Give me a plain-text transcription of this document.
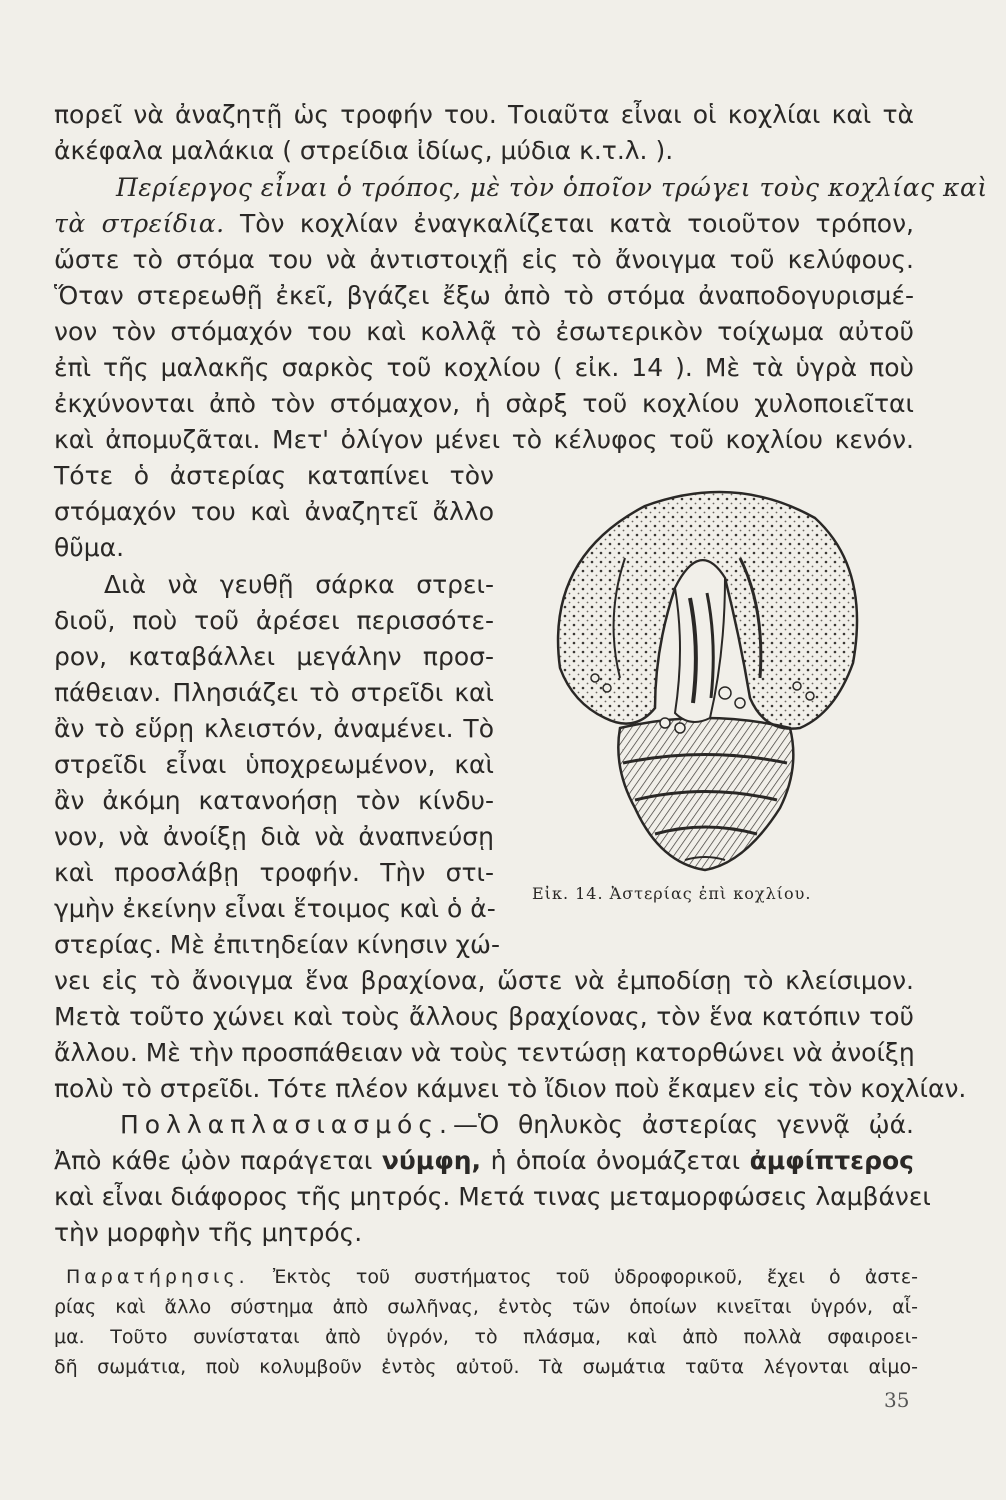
πορεῖ νὰ ἀναζητῇ ὡς τροφήν του. Τοιαῦτα εἶναι οἱ κοχλίαι καὶ τὰ
ἀκέφαλα μαλάκια ( στρείδια ἰδίως, μύδια κ.τ.λ. ).
Περίεργος εἶναι ὁ τρόπος, μὲ τὸν ὁποῖον τρώγει τοὺς κοχλίας καὶ
τὰ στρείδια. Τὸν κοχλίαν ἐναγκαλίζεται κατὰ τοιοῦτον τρόπον,
ὥστε τὸ στόμα του νὰ ἀντιστοιχῇ εἰς τὸ ἄνοιγμα τοῦ κελύφους.
Ὅταν στερεωθῇ ἐκεῖ, βγάζει ἔξω ἀπὸ τὸ στόμα ἀναποδογυρισμέ-
νον τὸν στόμαχόν του καὶ κολλᾷ τὸ ἐσωτερικὸν τοίχωμα αὐτοῦ
ἐπὶ τῆς μαλακῆς σαρκὸς τοῦ κοχλίου ( εἰκ. 14 ). Μὲ τὰ ὑγρὰ ποὺ
ἐκχύνονται ἀπὸ τὸν στόμαχον, ἡ σὰρξ τοῦ κοχλίου χυλοποιεῖται
καὶ ἀπομυζᾶται. Μετ' ὀλίγον μένει τὸ κέλυφος τοῦ κοχλίου κενόν.
Τότε ὁ ἀστερίας καταπίνει τὸν
στόμαχόν του καὶ ἀναζητεῖ ἄλλο
θῦμα.
Διὰ νὰ γευθῇ σάρκα στρει-
διοῦ, ποὺ τοῦ ἀρέσει περισσότε-
ρον, καταβάλλει μεγάλην προσ-
πάθειαν. Πλησιάζει τὸ στρεῖδι καὶ
ἂν τὸ εὕρῃ κλειστόν, ἀναμένει. Τὸ
στρεῖδι εἶναι ὑποχρεωμένον, καὶ
ἂν ἀκόμη κατανοήσῃ τὸν κίνδυ-
νον, νὰ ἀνοίξῃ διὰ νὰ ἀναπνεύσῃ
καὶ προσλάβῃ τροφήν. Τὴν στι-
γμὴν ἐκείνην εἶναι ἕτοιμος καὶ ὁ ἀ-
στερίας. Μὲ ἐπιτηδείαν κίνησιν χώ-
νει εἰς τὸ ἄνοιγμα ἕνα βραχίονα, ὥστε νὰ ἐμποδίσῃ τὸ κλείσιμον.
Μετὰ τοῦτο χώνει καὶ τοὺς ἄλλους βραχίονας, τὸν ἕνα κατόπιν τοῦ
ἄλλου. Μὲ τὴν προσπάθειαν νὰ τοὺς τεντώσῃ κατορθώνει νὰ ἀνοίξῃ
πολὺ τὸ στρεῖδι. Τότε πλέον κάμνει τὸ ἴδιον ποὺ ἔκαμεν εἰς τὸν κοχλίαν.
Πολλαπλασιασμός.—Ὁ θηλυκὸς ἀστερίας γεννᾷ ᾠά.
Ἀπὸ κάθε ᾠὸν παράγεται νύμφη, ἡ ὁποία ὀνομάζεται ἀμφίπτερος
καὶ εἶναι διάφορος τῆς μητρός. Μετά τινας μεταμορφώσεις λαμβάνει
τὴν μορφὴν τῆς μητρός.
Παρατήρησις. Ἐκτὸς τοῦ συστήματος τοῦ ὑδροφορικοῦ, ἔχει ὁ ἀστε-
ρίας καὶ ἄλλο σύστημα ἀπὸ σωλῆνας, ἐντὸς τῶν ὁποίων κινεῖται ὑγρόν, αἷ-
μα. Τοῦτο συνίσταται ἀπὸ ὑγρόν, τὸ πλάσμα, καὶ ἀπὸ πολλὰ σφαιροει-
δῆ σωμάτια, ποὺ κολυμβοῦν ἐντὸς αὐτοῦ. Τὰ σωμάτια ταῦτα λέγονται αἱμο-
Εἰκ. 14. Ἀστερίας ἐπὶ κοχλίου.
35
